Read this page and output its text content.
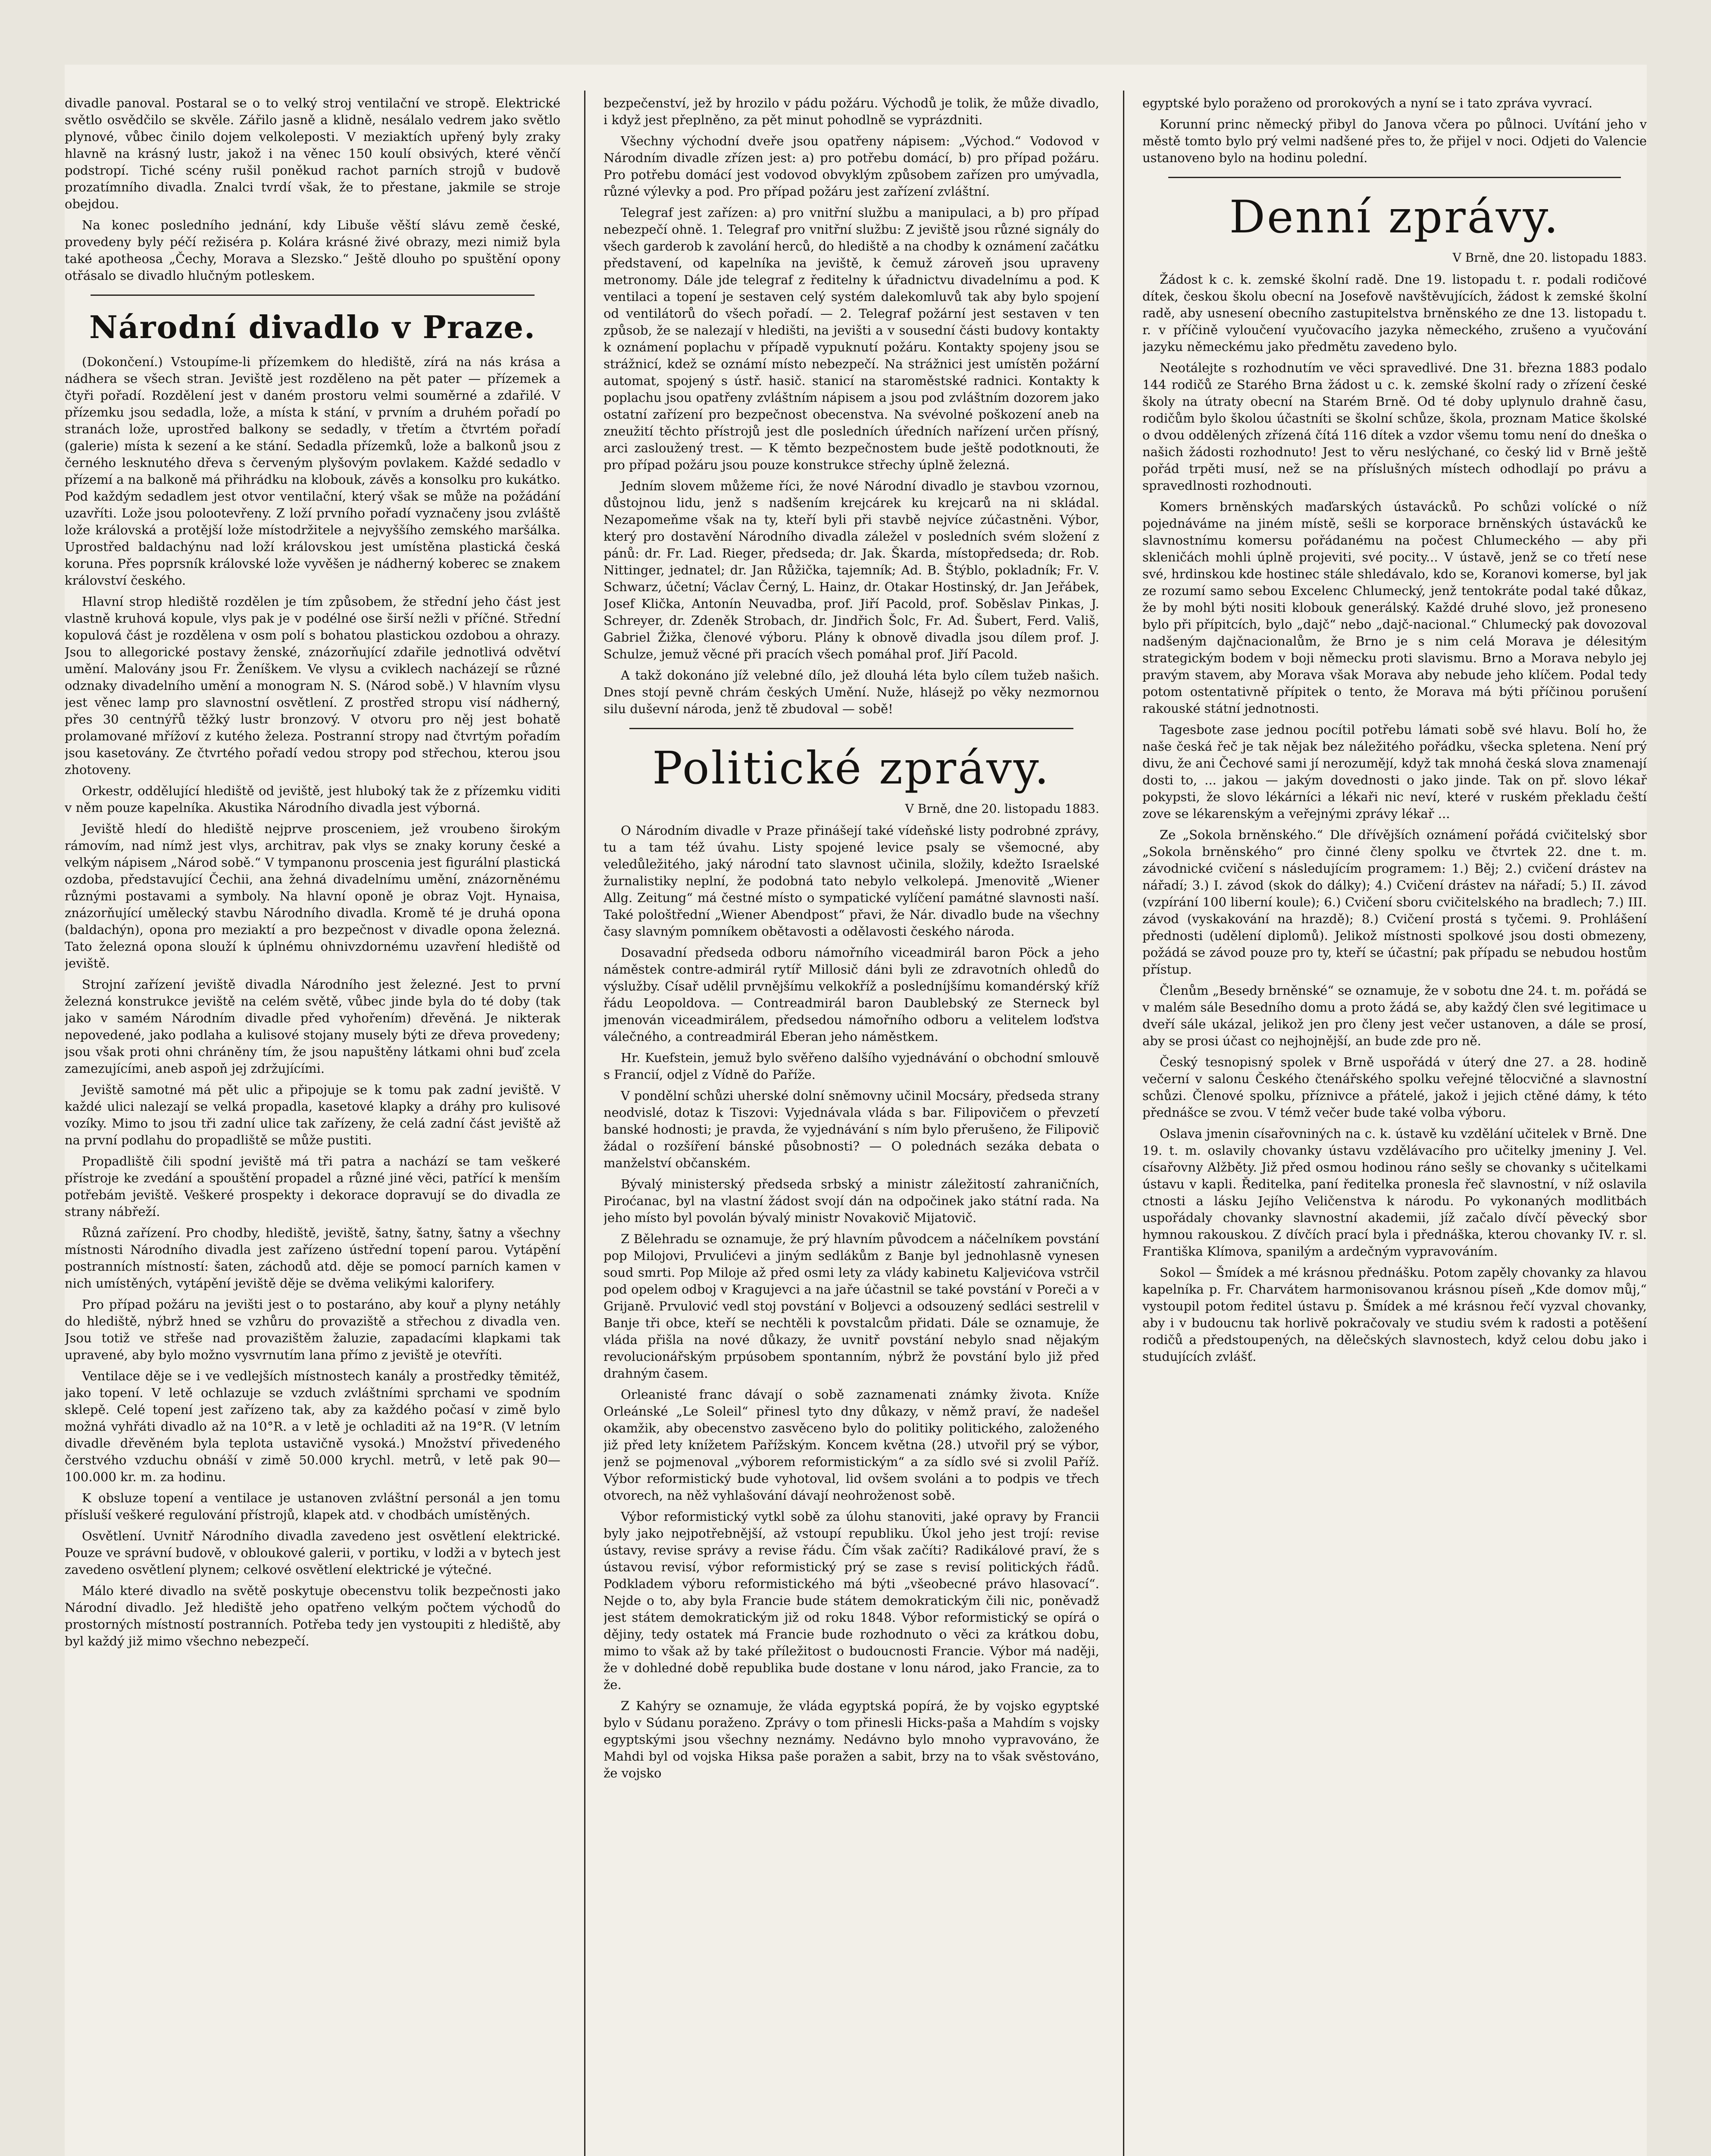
divadle panoval. Postaral se o to velký stroj ventilační ve stropě. Elektrické světlo osvědčilo se skvěle. Zářilo jasně a klidně, nesálalo vedrem jako světlo plynové, vůbec činilo dojem velkoleposti. V meziaktích upřený byly zraky hlavně na krásný lustr, jakož i na věnec 150 koulí obsivých, které věnčí podstropí. Tiché scény rušil poněkud rachot parních strojů v budově prozatímního divadla. Znalci tvrdí však, že to přestane, jakmile se stroje obejdou.

Na konec posledního jednání, kdy Libuše věští slávu země české, provedeny byly péčí režiséra p. Kolára krásné živé obrazy, mezi nimiž byla také apotheosa „Čechy, Morava a Slezsko.“ Ještě dlouho po spuštění opony otřásalo se divadlo hlučným potleskem.

Národní divadlo v Praze.

(Dokončení.) Vstoupíme-li přízemkem do hlediště, zírá na nás krása a nádhera se všech stran. Jeviště jest rozděleno na pět pater — přízemek a čtyři pořadí. Rozdělení jest v daném prostoru velmi souměrné a zdařilé. V přízemku jsou sedadla, lože, a místa k stání, v prvním a druhém pořadí po stranách lože, uprostřed balkony se sedadly, v třetím a čtvrtém pořadí (galerie) místa k sezení a ke stání. Sedadla přízemků, lože a balkonů jsou z černého lesknutého dřeva s červeným plyšovým povlakem. Každé sedadlo v přízemí a na balkoně má přihrádku na klobouk, závěs a konsolku pro kukátko. Pod každým sedadlem jest otvor ventilační, který však se může na požádání uzavříti. Lože jsou polootevřeny. Z loží prvního pořadí vyznačeny jsou zvláště lože královská a protější lože místodržitele a nejvyššího zemského maršálka. Uprostřed baldachýnu nad loží královskou jest umístěna plastická česká koruna. Přes poprsník královské lože vyvěšen je nádherný koberec se znakem království českého.

Hlavní strop hlediště rozdělen je tím způsobem, že střední jeho část jest vlastně kruhová kopule, vlys pak je v podélné ose širší nežli v příčné. Střední kopulová část je rozdělena v osm polí s bohatou plastickou ozdobou a ohrazy. Jsou to allegorické postavy ženské, znázorňující zdařile jednotlivá odvětví umění. Malovány jsou Fr. Ženíškem. Ve vlysu a cviklech nacházejí se různé odznaky divadelního umění a monogram N. S. (Národ sobě.) V hlavním vlysu jest věnec lamp pro slavnostní osvětlení. Z prostřed stropu visí nádherný, přes 30 centnýřů těžký lustr bronzový. V otvoru pro něj jest bohatě prolamované mřížoví z kutého železa. Postranní stropy nad čtvrtým pořadím jsou kasetovány. Ze čtvrtého pořadí vedou stropy pod střechou, kterou jsou zhotoveny.

Orkestr, oddělující hlediště od jeviště, jest hluboký tak že z přízemku viditi v něm pouze kapelníka. Akustika Národního divadla jest výborná.

Jeviště hledí do hlediště nejprve prosceniem, jež vroubeno širokým rámovím, nad nímž jest vlys, architrav, pak vlys se znaky koruny české a velkým nápisem „Národ sobě.“ V tympanonu prosceniа jest figurální plastická ozdoba, představující Čechii, ana žehná divadelnímu umění, znázorněnému různými postavami a symboly. Na hlavní oponě je obraz Vojt. Hynaisa, znázorňující umělecký stavbu Národního divadla. Kromě té je druhá opona (baldachýn), opona pro meziaktí a pro bezpečnost v divadle opona železná. Tato železná opona slouží k úplnému ohnivzdornému uzavření hlediště od jeviště.

Strojní zařízení jeviště divadla Národního jest železné. Jest to první železná konstrukce jeviště na celém světě, vůbec jinde byla do té doby (tak jako v samém Národním divadle před vyhořením) dřevěná. Je nikterak nepovedené, jako podlaha a kulisové stojany musely býti ze dřeva provedeny; jsou však proti ohni chráněny tím, že jsou napuštěny látkami ohni buď zcela zamezujícími, aneb aspoň jej zdržujícími.

Jeviště samotné má pět ulic a připojuje se k tomu pak zadní jeviště. V každé ulici nalezají se velká propadla, kasetové klapky a dráhy pro kulisové vozíky. Mimo to jsou tři zadní ulice tak zařízeny, že celá zadní část jeviště až na první podlahu do propadliště se může pustiti.

Propadliště čili spodní jeviště má tři patra a nachází se tam veškeré přístroje ke zvedání a spouštění propadel a různé jiné věci, patřící k menším potřebám jeviště. Veškeré prospekty i dekorace dopravují se do divadla ze strany nábřeží.

Různá zařízení. Pro chodby, hlediště, jeviště, šatny, šatny, šatny a všechny místnosti Národního divadla jest zařízeno ústřední topení parou. Vytápění postranních místností: šaten, záchodů atd. děje se pomocí parních kamen v nich umístěných, vytápění jeviště děje se dvěma velikými kalorifery.

Pro případ požáru na jevišti jest o to postaráno, aby kouř a plyny netáhly do hlediště, nýbrž hned se vzhůru do provaziště a střechou z divadla ven. Jsou totiž ve střeše nad provazištěm žaluzie, zapadacími klapkami tak upravené, aby bylo možno vysvrnutím lana přímo z jeviště je otevříti.

Ventilace děje se i ve vedlejších místnostech kanály a prostředky těmitéž, jako topení. V letě ochlazuje se vzduch zvláštními sprchami ve spodním sklepě. Celé topení jest zařízeno tak, aby za každého počasí v zimě bylo možná vyhřáti divadlo až na 10°R. a v letě je ochladiti až na 19°R. (V letním divadle dřevěném byla teplota ustavičně vysoká.) Množství přivedeného čerstvého vzduchu obnáší v zimě 50.000 krychl. metrů, v letě pak 90—100.000 kr. m. za hodinu.

K obsluze topení a ventilace je ustanoven zvláštní personál a jen tomu přísluší veškeré regulování přístrojů, klapek atd. v chodbách umístěných.

Osvětlení. Uvnitř Národního divadla zavedeno jest osvětlení elektrické. Pouze ve správní budově, v obloukové galerii, v portiku, v lodži a v bytech jest zavedeno osvětlení plynem; celkové osvětlení elektrické je výtečné.

Málo které divadlo na světě poskytuje obecenstvu tolik bezpečnosti jako Národní divadlo. Jež hlediště jeho opatřeno velkým počtem východů do prostorných místností postranních. Potřeba tedy jen vystoupiti z hlediště, aby byl každý již mimo všechno nebezpečí.

bezpečenství, jež by hrozilo v pádu požáru. Východů je tolik, že může divadlo, i když jest přeplněno, za pět minut pohodlně se vyprázdniti.

Všechny východní dveře jsou opatřeny nápisem: „Východ.“ Vodovod v Národním divadle zřízen jest: a) pro potřebu domácí, b) pro případ požáru. Pro potřebu domácí jest vodovod obvyklým způsobem zařízen pro umývadla, různé výlevky a pod. Pro případ požáru jest zařízení zvláštní.

Telegraf jest zařízen: a) pro vnitřní službu a manipulaci, a b) pro případ nebezpečí ohně. 1. Telegraf pro vnitřní službu: Z jeviště jsou různé signály do všech garderob k zavolání herců, do hlediště a na chodby k oznámení začátku představení, od kapelníka na jeviště, k čemuž zároveň jsou upraveny metronomy. Dále jde telegraf z ředitelny k úřadnictvu divadelnímu a pod. K ventilaci a topení je sestaven celý systém dalekomluvů tak aby bylo spojení od ventilátorů do všech pořadí. — 2. Telegraf požární jest sestaven v ten způsob, že se nalezají v hledišti, na jevišti a v sousední části budovy kontakty k oznámení poplachu v případě vypuknutí požáru. Kontakty spojeny jsou se strážnicí, kdež se oznámí místo nebezpečí. Na strážnici jest umístěn požární automat, spojený s ústř. hasič. stanicí na staroměstské radnici. Kontakty k poplachu jsou opatřeny zvláštním nápisem a jsou pod zvláštním dozorem jako ostatní zařízení pro bezpečnost obecenstva. Na svévolné poškození aneb na zneužití těchto přístrojů jest dle posledních úředních nařízení určen přísný, arci zasloužený trest. — K těmto bezpečnostem bude ještě podotknouti, že pro případ požáru jsou pouze konstrukce střechy úplně železná.

Jedním slovem můžeme říci, že nové Národní divadlo je stavbou vzornou, důstojnou lidu, jenž s nadšením krejcárek ku krejcarů na ni skládal. Nezapomeňme však na ty, kteří byli při stavbě nejvíce zúčastněni. Výbor, který pro dostavění Národního divadla záležel v posledních svém složení z pánů: dr. Fr. Lad. Rieger, předseda; dr. Jak. Škarda, místopředseda; dr. Rob. Nittinger, jednatel; dr. Jan Růžička, tajemník; Ad. B. Štýblo, pokladník; Fr. V. Schwarz, účetní; Václav Černý, L. Hainz, dr. Otakar Hostinský, dr. Jan Jeřábek, Josef Klička, Antonín Neuvadba, prof. Jiří Pacold, prof. Soběslav Pinkas, J. Schreyer, dr. Zdeněk Strobach, dr. Jindřich Šolc, Fr. Ad. Šubert, Ferd. Vališ, Gabriel Žižka, členové výboru. Plány k obnově divadla jsou dílem prof. J. Schulze, jemuž věcné při pracích všech pomáhal prof. Jiří Pacold.

A takž dokonáno jíž velebné dílo, jež dlouhá léta bylo cílem tužeb našich. Dnes stojí pevně chrám českých Umění. Nuže, hlásejž po věky nezmornou silu duševní národa, jenž tě zbudoval — sobě!

Politické zprávy.
V Brně, dne 20. listopadu 1883.

O Národním divadle v Praze přinášejí také vídeňské listy podrobné zprávy, tu a tam též úvahu. Listy spojené levice psaly se všemocné, aby veledůležitého, jaký národní tato slavnost učinila, složily, kdežto Israelské žurnalistiky neplní, že podobná tato nebylo velkolepá. Jmenovitě „Wiener Allg. Zeitung“ má čestné místo o sympatické vylíčení památné slavnosti naší. Také pološtřední „Wiener Abendpost“ přavi, že Nár. divadlo bude na všechny časy slavným pomníkem obětavosti a odělavosti českého národa.

Dosavadní předseda odboru námořního viceadmirál baron Pöck a jeho náměstek contre-admirál rytíř Millosič dáni byli ze zdravotních ohledů do výslužby. Císař udělil prvnějšímu velkokříž a posledníjšímu komandérský kříž řádu Leopoldova. — Contreadmirál baron Daublebský ze Sterneck byl jmenován viceadmirálem, předsedou námořního odboru a velitelem loďstva válečného, a contreadmirál Eberan jeho náměstkem.

Hr. Kuefstein, jemuž bylo svěřeno dalšího vyjednávání o obchodní smlouvě s Francií, odjel z Vídně do Paříže.

V pondělní schůzi uherské dolní sněmovny učinil Mocsáry, předseda strany neodvislé, dotaz k Tiszovi: Vyjednávala vláda s bar. Filipovičem o převzetí banské hodnosti; je pravda, že vyjednávání s ním bylo přerušeno, že Filipovič žádal o rozšíření bánské působnosti? — O polednách sezáka debata o manželství občanském.

Bývalý ministerský předseda srbský a ministr záležitostí zahraničních, Piroćanac, byl na vlastní žádost svojí dán na odpočinek jako státní rada. Na jeho místo byl povolán bývalý ministr Novakovič Mijatovič.

Z Bělehradu se oznamuje, že prý hlavním původcem a náčelníkem povstání pop Milojovi, Prvulićevi a jiným sedlákům z Banje byl jednohlasně vynesen soud smrti. Pop Miloje až před osmi lety za vlády kabinetu Kaljevićova vstrčil pod opelem odboj v Kragujevci a na jaře účastnil se také povstání v Poreči a v Grijaně. Prvulović vedl stoj povstání v Boljevci a odsouzený sedláci sestrelil v Banje tři obce, kteří se nechtěli k povstalcům přidati. Dále se oznamuje, že vláda přišla na nové důkazy, že uvnitř povstání nebylo snad nějakým revolucionářským prpúsobem spontanním, nýbrž že povstání bylo již před drahným časem.

Orleanisté franc dávají o sobě zaznamenati známky života. Kníže Orleánské „Le Soleil“ přinesl tyto dny důkazy, v němž praví, že nadešel okamžik, aby obecenstvo zasvěceno bylo do politiky politického, založeného již před lety knížetem Pařížským. Koncem května (28.) utvořil prý se výbor, jenž se pojmenoval „výborem reformistickým“ a za sídlo své si zvolil Paříž. Výbor reformistický bude vyhotoval, lid ovšem svoláni a to podpis ve třech otvorech, na něž vyhlašování dávají neohroženost sobě.

Výbor reformistický vytkl sobě za úlohu stanoviti, jaké opravy by Francii byly jako nejpotřebnější, až vstoupí republiku. Úkol jeho jest trojí: revise ústavy, revise správy a revise řádu. Čím však začíti? Radikálové praví, že s ústavou revisí, výbor reformistický prý se zase s revisí politických řádů. Podkladem výboru reformistického má býti „všeobecné právo hlasovací“. Nejde o to, aby byla Francie bude státem demokratickým čili nic, poněvadž jest státem demokratickým již od roku 1848. Výbor reformistický se opírá o dějiny, tedy ostatek má Francie bude rozhodnuto o věci za krátkou dobu, mimo to však až by také příležitost o budoucnosti Francie. Výbor má naději, že v dohledné době republika bude dostane v lonu národ, jako Francie, za to že.

Z Kahýry se oznamuje, že vláda egyptská popírá, že by vojsko egyptské bylo v Súdanu poraženo. Zprávy o tom přinesli Hicks-paša a Mahdím s vojsky egyptskými jsou všechny neznámy. Nedávno bylo mnoho vypravováno, že Mahdi byl od vojska Hiksa paše poražen a sabit, brzy na to však svěstováno, že vojsko

egyptské bylo poraženo od prorokových a nyní se i tato zpráva vyvrací.

Korunní princ německý přibyl do Janova včera po půlnoci. Uvítání jeho v městě tomto bylo prý velmi nadšené přes to, že přijel v noci. Odjeti do Valencie ustanoveno bylo na hodinu polední.

Denní zprávy.
V Brně, dne 20. listopadu 1883.

Žádost k c. k. zemské školní radě. Dne 19. listopadu t. r. podali rodičové dítek, českou školu obecní na Josefově navštěvujících, žádost k zemské školní radě, aby usnesení obecního zastupitelstva brněnského ze dne 13. listopadu t. r. v příčině vyloučení vyučovacího jazyka německého, zrušeno a vyučování jazyku německému jako předmětu zavedeno bylo.

Neotálejte s rozhodnutím ve věci spravedlivé. Dne 31. března 1883 podalo 144 rodičů ze Starého Brna žádost u c. k. zemské školní rady o zřízení české školy na útraty obecní na Starém Brně. Od té doby uplynulo drahně času, rodičům bylo školou účastníti se školní schůze, škola, proznam Matice školské o dvou oddělených zřízená čítá 116 dítek a vzdor všemu tomu není do dneška o našich žádosti rozhodnuto! Jest to věru neslýchané, co český lid v Brně ještě pořád trpěti musí, než se na příslušných místech odhodlají po právu a spravedlnosti rozhodnouti.

Komers brněnských maďarských ústavácků. Po schůzi volícké o níž pojednáváme na jiném místě, sešli se korporace brněnských ústavácků ke slavnostnímu komersu pořádanému na počest Chlumeckého — aby při skleničách mohli úplně projeviti, své pocity... V ústavě, jenž se co třetí nese své, hrdinskou kde hostinec stále shledávalo, kdo se, Koranovi komerse, byl jak ze rozumí samo sebou Excelenc Chlumecký, jenž tentokráte podal také důkaz, že by mohl býti nositi klobouk generálský. Každé druhé slovo, jež proneseno bylo při přípitcích, bylo „dajč“ nebo „dajč-nacional.“ Chlumecký pak dovozoval nadšeným dajčnacionalům, že Brno je s nim celá Morava je délesitým strategickým bodem v boji německu proti slavismu. Brno a Morava nebylo jej pravým stavem, aby Morava však Morava aby nebude jeho klíčem. Podal tedy potom ostentativně přípitek o tento, že Morava má býti příčinou porušení rakouské státní jednotnosti.

Tagesbote zase jednou pocítil potřebu lámati sobě své hlavu. Bolí ho, že naše česká řeč je tak nějak bez náležitého pořádku, všecka spletena. Není prý divu, že ani Čechové sami jí nerozumějí, když tak mnohá česká slova znamenají dosti to, ... jakou — jakým dovednosti o jako jinde. Tak on př. slovo lékař pokypsti, že slovo lékárníci a lékaři nic neví, které v ruském překladu čeští zove se lékarenským a veřejnými zprávy lékař ...

Ze „Sokola brněnského.“ Dle dřívějších oznámení pořádá cvičitelský sbor „Sokola brněnského“ pro činné členy spolku ve čtvrtek 22. dne t. m. závodnické cvičení s následujícím programem: 1.) Běj; 2.) cvičení drástev na nářadí; 3.) I. závod (skok do dálky); 4.) Cvičení drástev na nářadí; 5.) II. závod (vzpírání 100 liberní koule); 6.) Cvičení sboru cvičitelského na bradlech; 7.) III. závod (vyskakování na hrazdě); 8.) Cvičení prostá s tyčemi. 9. Prohlášení přednosti (udělení diplomů). Jelikož místnosti spolkové jsou dosti obmezeny, požádá se závod pouze pro ty, kteří se účastní; pak případu se nebudou hostům přístup.

Členům „Besedy brněnské“ se oznamuje, že v sobotu dne 24. t. m. pořádá se v malém sále Besedního domu a proto žádá se, aby každý člen své legitimace u dveří sále ukázal, jelikož jen pro členy jest večer ustanoven, a dále se prosí, aby se prosi účast co nejhojnější, an bude zde pro ně.

Český tesnopisný spolek v Brně uspořádá v úterý dne 27. a 28. hodině večerní v salonu Českého čtenářského spolku veřejné tělocvičné a slavnostní schůzi. Členové spolku, příznivce a přátelé, jakož i jejich ctěné dámy, k této přednášce se zvou. V témž večer bude také volba výboru.

Oslava jmenin císařovniných na c. k. ústavě ku vzdělání učitelek v Brně. Dne 19. t. m. oslavily chovanky ústavu vzdělávacího pro učitelky jmeniny J. Vel. císařovny Alžběty. Již před osmou hodinou ráno sešly se chovanky s učitelkami ústavu v kapli. Ředitelka, paní ředitelka pronesla řeč slavnostní, v níž oslavila ctnosti a lásku Jejího Veličenstva k národu. Po vykonaných modlitbách uspořádaly chovanky slavnostní akademii, jíž začalo dívčí pěvecký sbor hymnou rakouskou. Z dívčích prací byla i přednáška, kterou chovanky IV. r. sl. Františka Klímova, spanilým a ardečným vypravováním.

Sokol — Šmídek a mé krásnou přednášku. Potom zapěly chovanky za hlavou kapelníka p. Fr. Charvátem harmonisovanou krásnou píseň „Kde domov můj,“ vystoupil potom ředitel ústavu p. Šmídek a mé krásnou řečí vyzval chovanky, aby i v budoucnu tak horlivě pokračovaly ve studiu svém k radosti a potěšení rodičů a předstoupených, na dělečských slavnostech, když celou dobu jako i studujících zvlášť.
